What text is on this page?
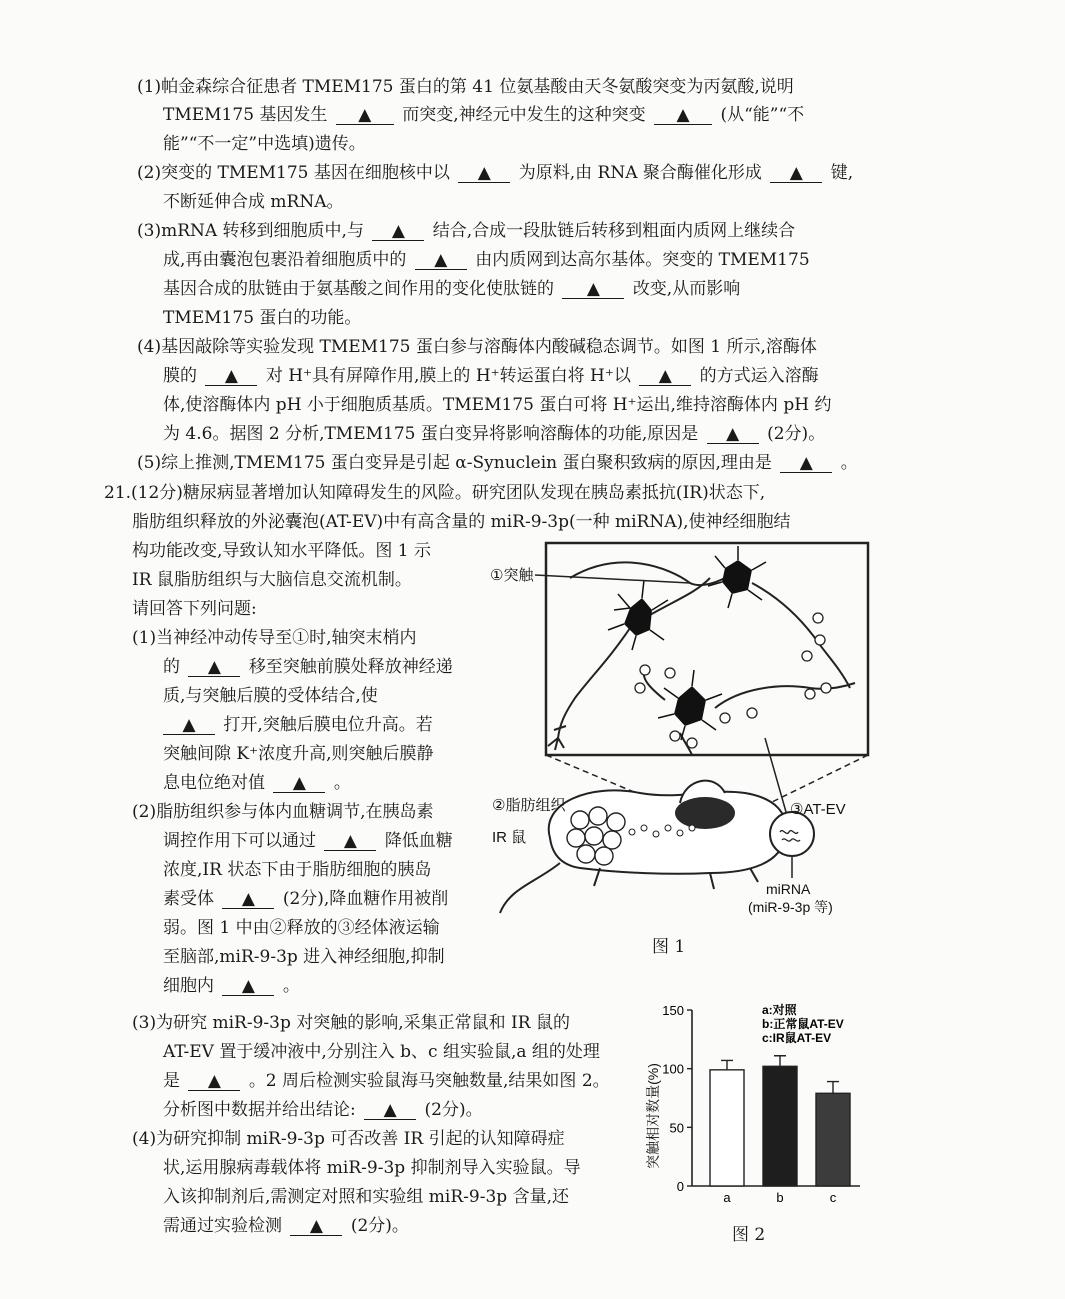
(1)帕金森综合征患者 TMEM175 蛋白的第 41 位氨基酸由天冬氨酸突变为丙氨酸,说明
TMEM175 基因发生 ▲ 而突变,神经元中发生的这种突变 ▲ (从“能”“不
能”“不一定”中选填)遗传。
(2)突变的 TMEM175 基因在细胞核中以 ▲ 为原料,由 RNA 聚合酶催化形成 ▲ 键,
不断延伸合成 mRNA。
(3)mRNA 转移到细胞质中,与 ▲ 结合,合成一段肽链后转移到粗面内质网上继续合
成,再由囊泡包裹沿着细胞质中的 ▲ 由内质网到达高尔基体。突变的 TMEM175
基因合成的肽链由于氨基酸之间作用的变化使肽链的 ▲ 改变,从而影响
TMEM175 蛋白的功能。
(4)基因敲除等实验发现 TMEM175 蛋白参与溶酶体内酸碱稳态调节。如图 1 所示,溶酶体
膜的 ▲ 对 H⁺具有屏障作用,膜上的 H⁺转运蛋白将 H⁺以 ▲ 的方式运入溶酶
体,使溶酶体内 pH 小于细胞质基质。TMEM175 蛋白可将 H⁺运出,维持溶酶体内 pH 约
为 4.6。据图 2 分析,TMEM175 蛋白变异将影响溶酶体的功能,原因是 ▲ (2分)。
(5)综上推测,TMEM175 蛋白变异是引起 α-Synuclein 蛋白聚积致病的原因,理由是 ▲ 。
21.(12分)糖尿病显著增加认知障碍发生的风险。研究团队发现在胰岛素抵抗(IR)状态下,
脂肪组织释放的外泌囊泡(AT-EV)中有高含量的 miR-9-3p(一种 miRNA),使神经细胞结
构功能改变,导致认知水平降低。图 1 示
IR 鼠脂肪组织与大脑信息交流机制。
请回答下列问题:
(1)当神经冲动传导至①时,轴突末梢内
的 ▲ 移至突触前膜处释放神经递
质,与突触后膜的受体结合,使
▲ 打开,突触后膜电位升高。若
突触间隙 K⁺浓度升高,则突触后膜静
息电位绝对值 ▲ 。
(2)脂肪组织参与体内血糖调节,在胰岛素
调控作用下可以通过 ▲ 降低血糖
浓度,IR 状态下由于脂肪细胞的胰岛
素受体 ▲ (2分),降血糖作用被削
弱。图 1 中由②释放的③经体液运输
至脑部,miR-9-3p 进入神经细胞,抑制
细胞内 ▲ 。
(3)为研究 miR-9-3p 对突触的影响,采集正常鼠和 IR 鼠的
AT-EV 置于缓冲液中,分别注入 b、c 组实验鼠,a 组的处理
是 ▲ 。2 周后检测实验鼠海马突触数量,结果如图 2。
分析图中数据并给出结论: ▲ (2分)。
(4)为研究抑制 miR-9-3p 可否改善 IR 引起的认知障碍症
状,运用腺病毒载体将 miR-9-3p 抑制剂导入实验鼠。导
入该抑制剂后,需测定对照和实验组 miR-9-3p 含量,还
需通过实验检测 ▲ (2分)。
①突触
②脂肪组织	③AT-EV
IR 鼠
miRNA
(miR-9-3p 等)
图 1
突触相对数量(%)
0
50
100
150
a	b	c
a:对照
b:正常鼠AT-EV
c:IR鼠AT-EV
图 2
